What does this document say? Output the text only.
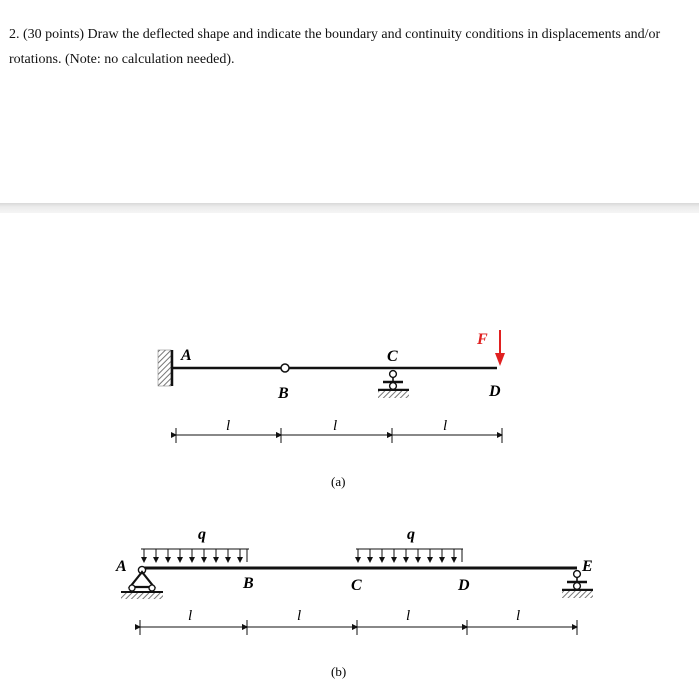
2. (30 points) Draw the deflected shape and indicate the boundary and continuity conditions in displacements and/or rotations. (Note: no calculation needed).
A
B
C
D
F
l	l	l
(a)
q	q
A
B	C	D
E
l	l	l	l
(b)
